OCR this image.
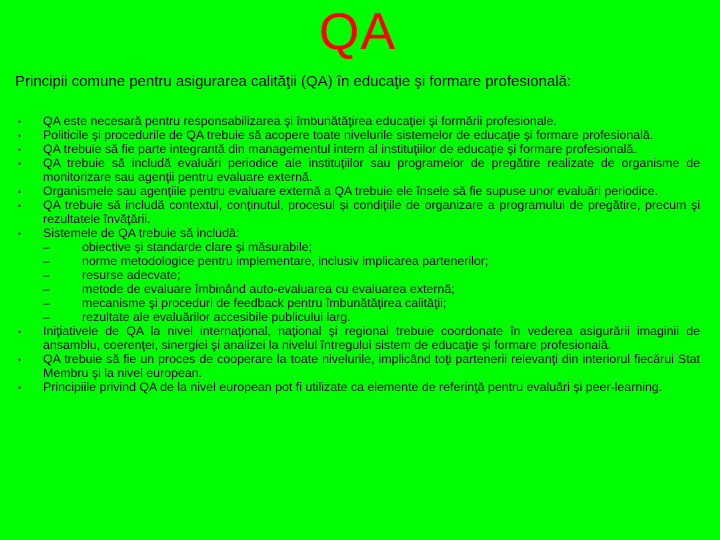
QA
Principii comune pentru asigurarea calităţii (QA) în educaţie şi formare profesională:
• QA este necesară pentru responsabilizarea şi îmbunătăţirea educaţiei şi formării profesionale.
• Politicile şi procedurile de QA trebuie să acopere toate nivelurile sistemelor de educaţie şi formare profesională.
• QA trebuie să fie parte integrantă din managementul intern al instituţiilor de educaţie şi formare profesională.
• QA trebuie să includă evaluări periodice ale instituţiilor sau programelor de pregătire realizate de organisme de monitorizare sau agenţii pentru evaluare externă.
• Organismele sau agenţiile pentru evaluare externă a QA trebuie ele însele să fie supuse unor evaluări periodice.
• QA trebuie să includă contextul, conţinutul, procesul şi condiţiile de organizare a programului de pregătire, precum şi rezultatele învăţării.
• Sistemele de QA trebuie să includă:
–	obiective şi standarde clare şi măsurabile;
–	norme metodologice pentru implementare, inclusiv implicarea partenerilor;
–	resurse adecvate;
–	metode de evaluare îmbinând auto-evaluarea cu evaluarea externă;
–	mecanisme şi proceduri de feedback pentru îmbunătăţirea calităţii;
–	rezultate ale evaluărilor accesibile publicului larg.
• Iniţiativele de QA la nivel internaţional, naţional şi regional trebuie coordonate în vederea asigurării imaginii de ansamblu, coerenţei, sinergiei şi analizei la nivelul întregului sistem de educaţie şi formare profesională.
• QA trebuie să fie un proces de cooperare la toate nivelurile, implicând toţi partenerii relevanţi din interiorul fiecărui Stat Membru şi la nivel european.
• Principiile privind QA de la nivel european pot fi utilizate ca elemente de referinţă pentru evaluări şi peer-learning.
